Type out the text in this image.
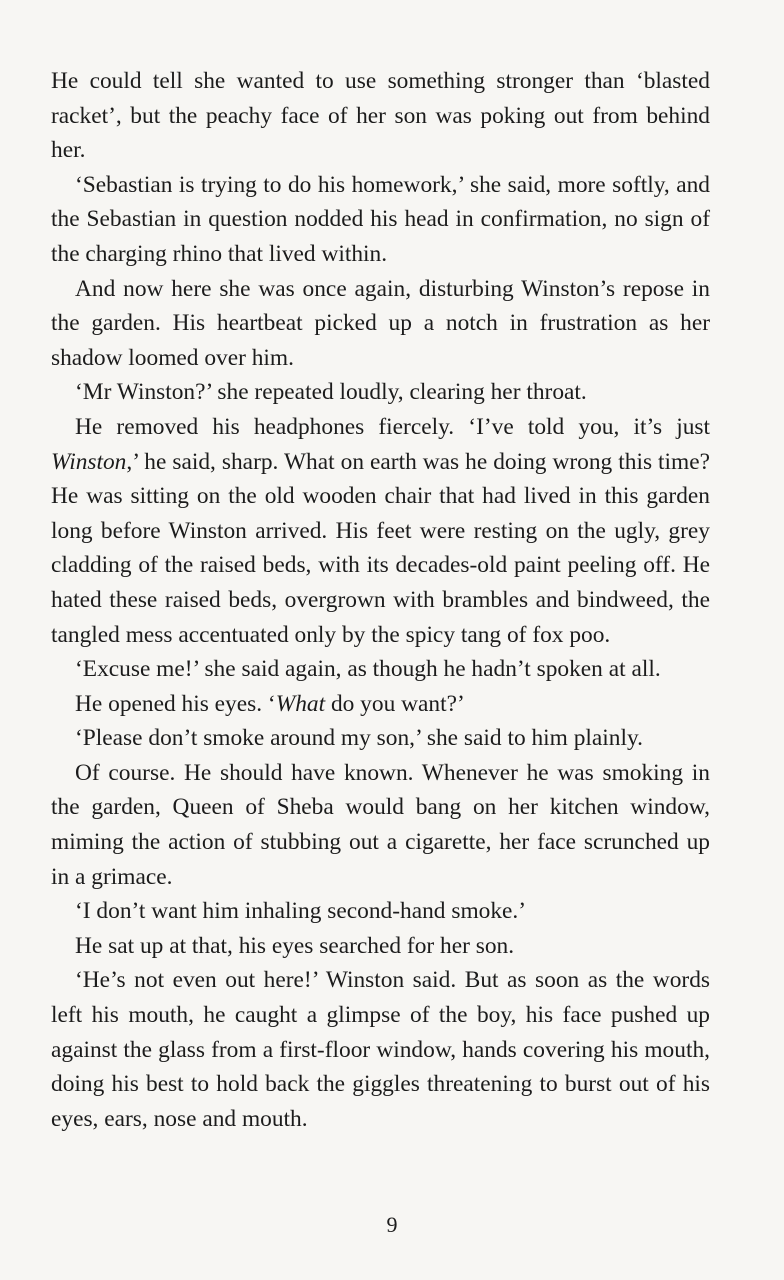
He could tell she wanted to use something stronger than ‘blasted racket’, but the peachy face of her son was poking out from behind her.

‘Sebastian is trying to do his homework,’ she said, more softly, and the Sebastian in question nodded his head in confirmation, no sign of the charging rhino that lived within.

And now here she was once again, disturbing Winston’s repose in the garden. His heartbeat picked up a notch in frustration as her shadow loomed over him.

‘Mr Winston?’ she repeated loudly, clearing her throat.

He removed his headphones fiercely. ‘I’ve told you, it’s just Winston,’ he said, sharp. What on earth was he doing wrong this time? He was sitting on the old wooden chair that had lived in this garden long before Winston arrived. His feet were resting on the ugly, grey cladding of the raised beds, with its decades-old paint peeling off. He hated these raised beds, overgrown with brambles and bindweed, the tangled mess accentuated only by the spicy tang of fox poo.

‘Excuse me!’ she said again, as though he hadn’t spoken at all.

He opened his eyes. ‘What do you want?’

‘Please don’t smoke around my son,’ she said to him plainly.

Of course. He should have known. Whenever he was smoking in the garden, Queen of Sheba would bang on her kitchen window, miming the action of stubbing out a cigarette, her face scrunched up in a grimace.

‘I don’t want him inhaling second-hand smoke.’

He sat up at that, his eyes searched for her son.

‘He’s not even out here!’ Winston said. But as soon as the words left his mouth, he caught a glimpse of the boy, his face pushed up against the glass from a first-floor window, hands covering his mouth, doing his best to hold back the giggles threatening to burst out of his eyes, ears, nose and mouth.

9
